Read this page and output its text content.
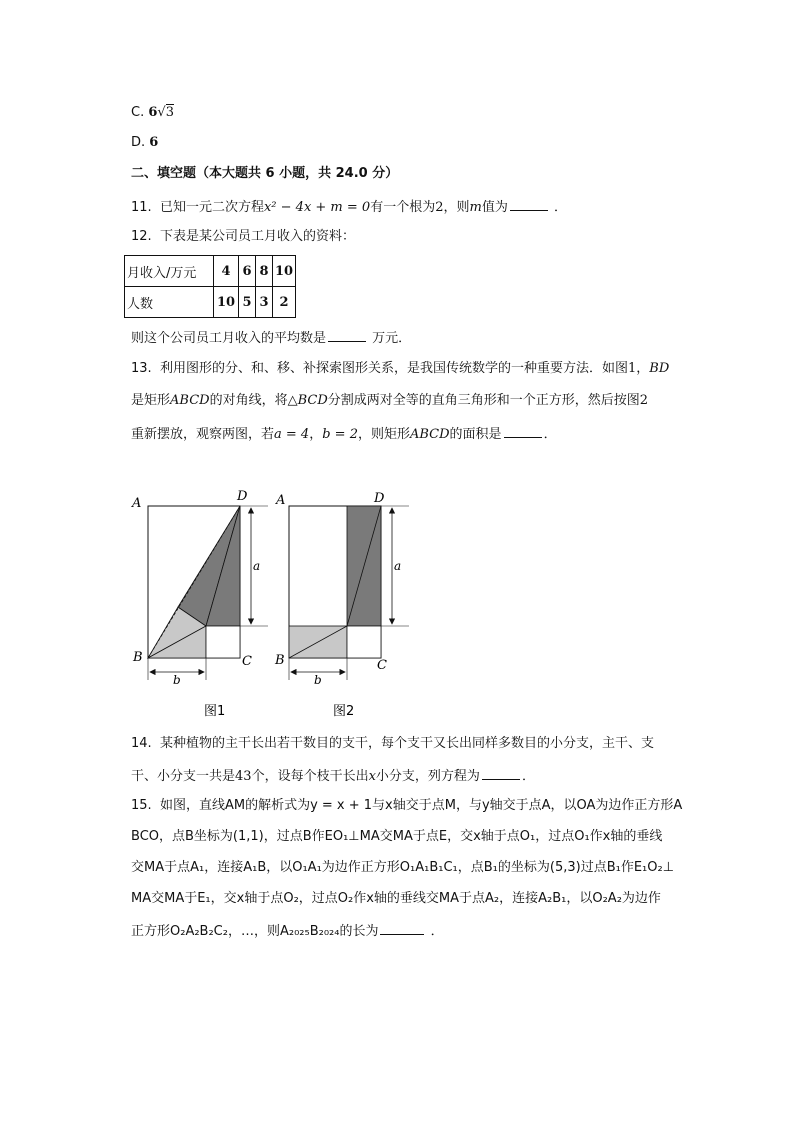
C. 6√3
D. 6
二、填空题（本大题共 6 小题，共 24.0 分）
11. 已知一元二次方程x² − 4x + m = 0有一个根为2，则m值为	．
12. 下表是某公司员工月收入的资料：
月收入/万元	4	6	8	10
人数	10	5	3	2
则这个公司员工月收入的平均数是	万元．
13. 利用图形的分、和、移、补探索图形关系，是我国传统数学的一种重要方法．如图1，BD
是矩形ABCD的对角线，将△BCD分割成两对全等的直角三角形和一个正方形，然后按图2
重新摆放，观察两图，若a = 4，b = 2，则矩形ABCD的面积是	．
A	D
B	C
a
b
图1
A	D
B	C
a
b
图2
14. 某种植物的主干长出若干数目的支干，每个支干又长出同样多数目的小分支，主干、支
干、小分支一共是43个，设每个枝干长出x小分支，列方程为	．
15. 如图，直线AM的解析式为y = x + 1与x轴交于点M，与y轴交于点A，以OA为边作正方形A
BCO，点B坐标为(1,1)，过点B作EO₁⊥MA交MA于点E，交x轴于点O₁，过点O₁作x轴的垂线
交MA于点A₁，连接A₁B，以O₁A₁为边作正方形O₁A₁B₁C₁，点B₁的坐标为(5,3)过点B₁作E₁O₂⊥
MA交MA于E₁，交x轴于点O₂，过点O₂作x轴的垂线交MA于点A₂，连接A₂B₁，以O₂A₂为边作
正方形O₂A₂B₂C₂，…，则A₂₀₂₅B₂₀₂₄的长为	．
